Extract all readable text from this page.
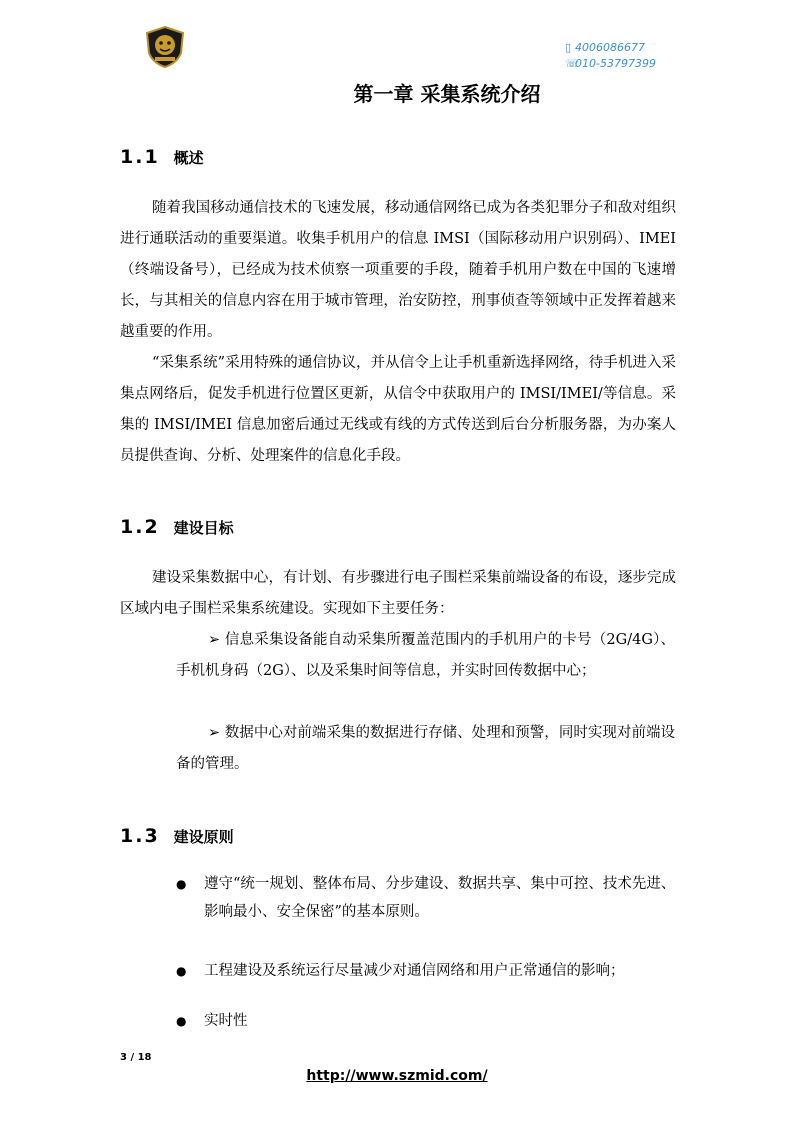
▯ 4006086677
☏010-53797399
第一章 采集系统介绍
1.1 概述
随着我国移动通信技术的飞速发展，移动通信网络已成为各类犯罪分子和敌对组织进行通联活动的重要渠道。收集手机用户的信息 IMSI（国际移动用户识别码）、IMEI（终端设备号），已经成为技术侦察一项重要的手段，随着手机用户数在中国的飞速增长，与其相关的信息内容在用于城市管理，治安防控，刑事侦查等领域中正发挥着越来越重要的作用。
“采集系统”采用特殊的通信协议，并从信令上让手机重新选择网络，待手机进入采集点网络后，促发手机进行位置区更新，从信令中获取用户的 IMSI/IMEI/等信息。采集的 IMSI/IMEI 信息加密后通过无线或有线的方式传送到后台分析服务器，为办案人员提供查询、分析、处理案件的信息化手段。
1.2 建设目标
建设采集数据中心，有计划、有步骤进行电子围栏采集前端设备的布设，逐步完成区域内电子围栏采集系统建设。实现如下主要任务：
➢ 信息采集设备能自动采集所覆盖范围内的手机用户的卡号（2G/4G）、手机机身码（2G）、以及采集时间等信息，并实时回传数据中心；
➢ 数据中心对前端采集的数据进行存储、处理和预警，同时实现对前端设备的管理。
1.3 建设原则
● 遵守“统一规划、整体布局、分步建设、数据共享、集中可控、技术先进、影响最小、安全保密”的基本原则。
● 工程建设及系统运行尽量减少对通信网络和用户正常通信的影响；
● 实时性
3 / 18
http://www.szmid.com/
